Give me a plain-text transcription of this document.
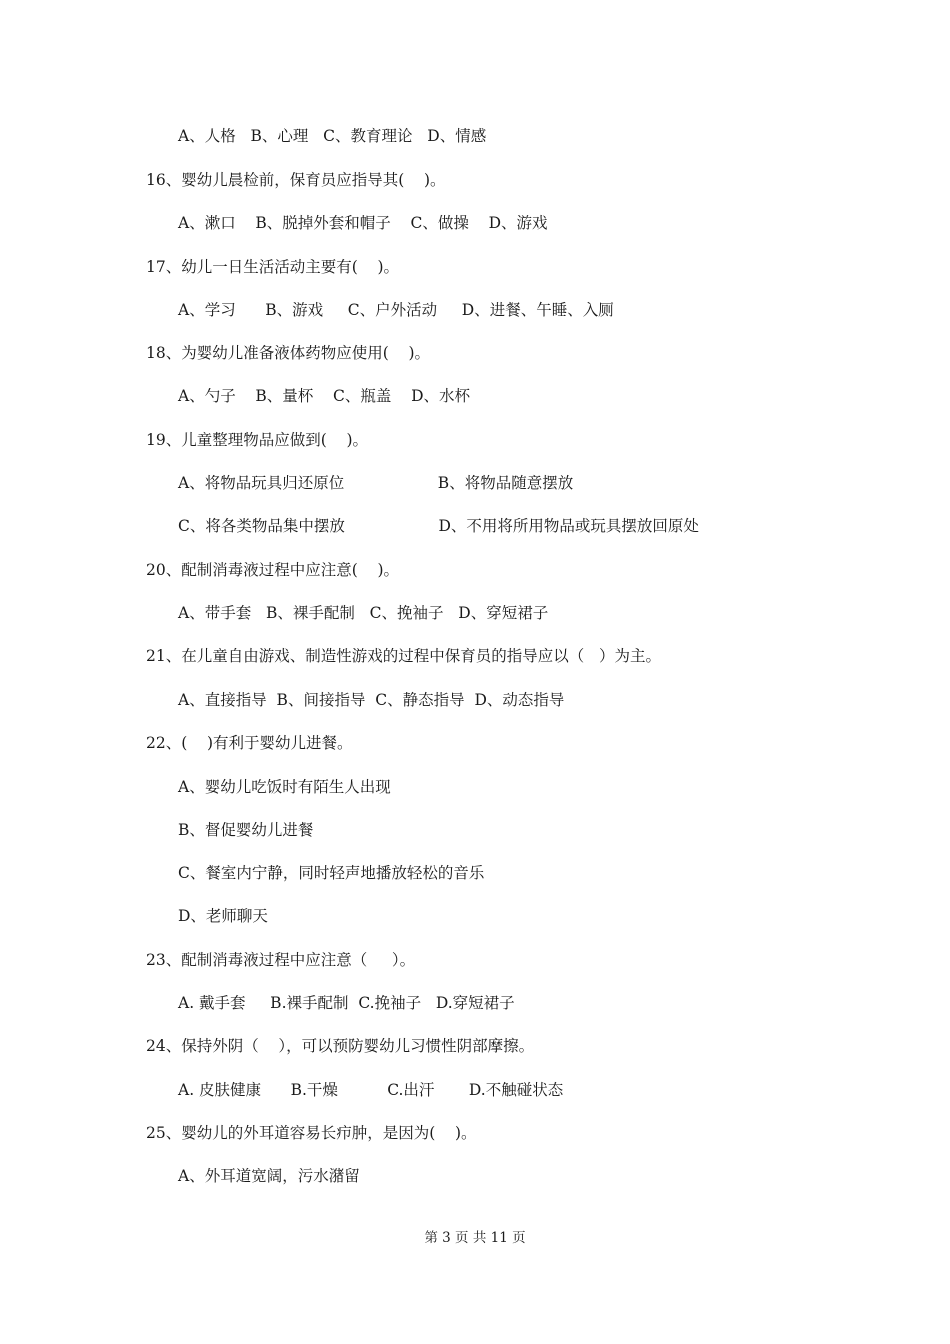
A、人格   B、心理   C、教育理论   D、情感

16、婴幼儿晨检前，保育员应指导其(    )。

A、漱口    B、脱掉外套和帽子    C、做操    D、游戏

17、幼儿一日生活活动主要有(    )。

A、学习      B、游戏     C、户外活动     D、进餐、午睡、入厕

18、为婴幼儿准备液体药物应使用(    )。

A、勺子    B、量杯    C、瓶盖    D、水杯

19、儿童整理物品应做到(    )。

A、将物品玩具归还原位                   B、将物品随意摆放

C、将各类物品集中摆放                   D、不用将所用物品或玩具摆放回原处

20、配制消毒液过程中应注意(    )。

A、带手套   B、裸手配制   C、挽袖子   D、穿短裙子

21、在儿童自由游戏、制造性游戏的过程中保育员的指导应以（   ）为主。

A、直接指导  B、间接指导  C、静态指导  D、动态指导

22、(    )有利于婴幼儿进餐。

A、婴幼儿吃饭时有陌生人出现

B、督促婴幼儿进餐

C、餐室内宁静，同时轻声地播放轻松的音乐

D、老师聊天

23、配制消毒液过程中应注意（     ）。

A. 戴手套     B.裸手配制  C.挽袖子   D.穿短裙子

24、保持外阴（    ），可以预防婴幼儿习惯性阴部摩擦。

A. 皮肤健康      B.干燥          C.出汗       D.不触碰状态

25、婴幼儿的外耳道容易长疖肿，是因为(    )。

A、外耳道宽阔，污水潴留

第 3 页 共 11 页
